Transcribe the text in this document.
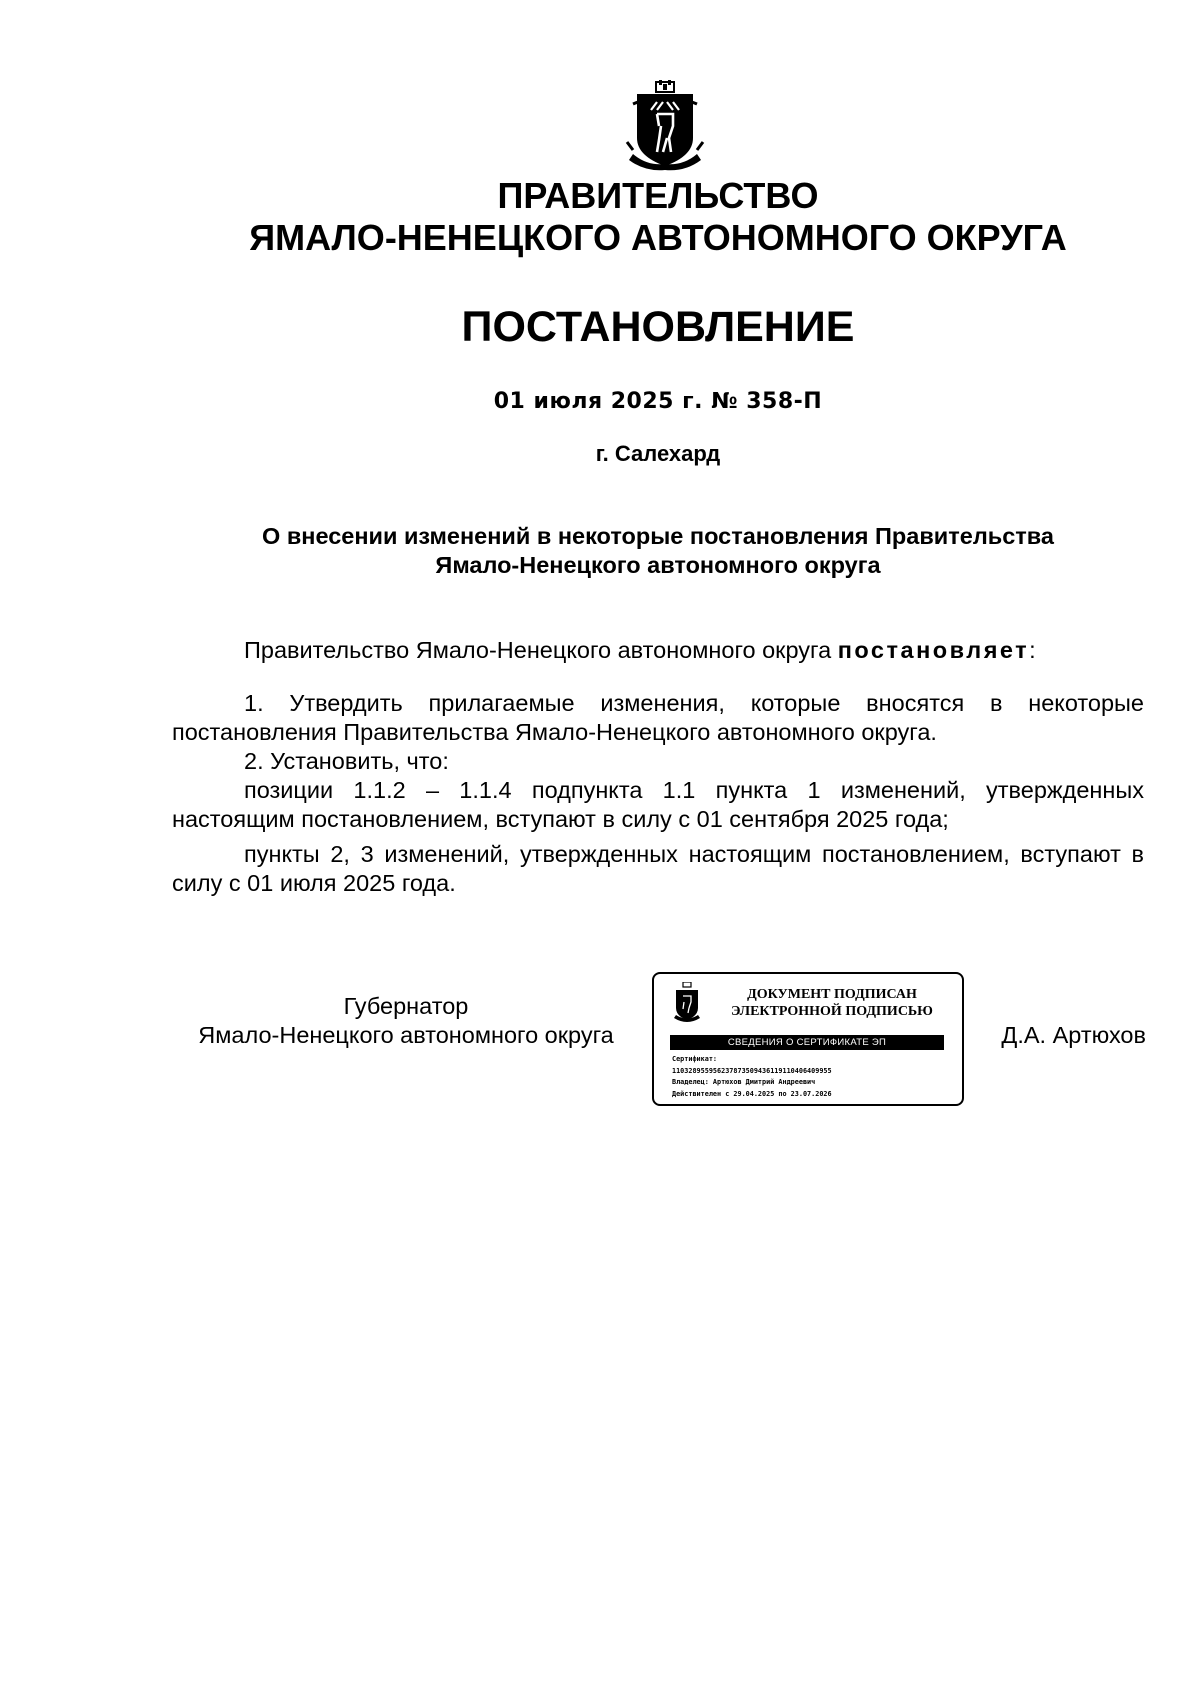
ПРАВИТЕЛЬСТВО
ЯМАЛО-НЕНЕЦКОГО АВТОНОМНОГО ОКРУГА
ПОСТАНОВЛЕНИЕ
01 июля 2025 г. № 358-П
г. Салехард
О внесении изменений в некоторые постановления Правительства
Ямало-Ненецкого автономного округа

Правительство Ямало-Ненецкого автономного округа постановляет:

1. Утвердить прилагаемые изменения, которые вносятся в некоторые постановления Правительства Ямало-Ненецкого автономного округа.

2. Установить, что:

позиции 1.1.2 – 1.1.4 подпункта 1.1 пункта 1 изменений, утвержденных настоящим постановлением, вступают в силу с 01 сентября 2025 года;

пункты 2, 3 изменений, утвержденных настоящим постановлением, вступают в силу с 01 июля 2025 года.

Губернатор
Ямало-Ненецкого автономного округа
ДОКУМЕНТ ПОДПИСАН
ЭЛЕКТРОННОЙ ПОДПИСЬЮ
СВЕДЕНИЯ О СЕРТИФИКАТЕ ЭП
Сертификат:
110328955956237873509436119110406409955
Владелец: Артюхов Дмитрий Андреевич
Действителен с 29.04.2025 по 23.07.2026
Д.А. Артюхов
